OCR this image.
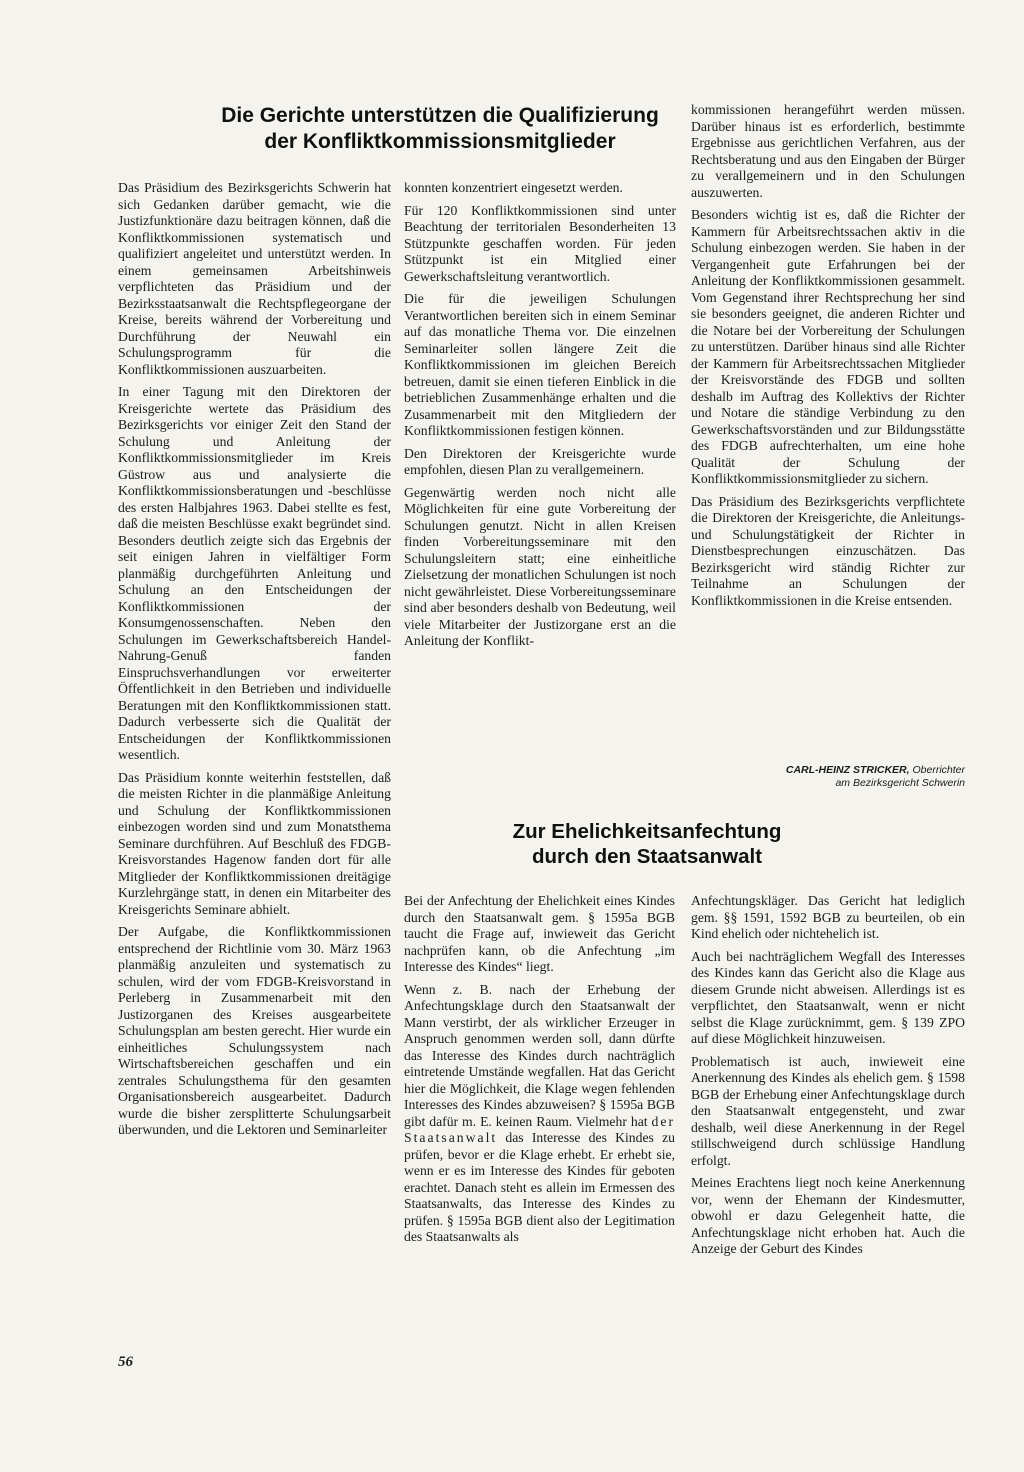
Die Gerichte unterstützen die Qualifizierung
der Konfliktkommissionsmitglieder

Das Präsidium des Bezirksgerichts Schwerin hat sich Gedanken darüber gemacht, wie die Justizfunktionäre dazu beitragen können, daß die Konfliktkommissionen systematisch und qualifiziert angeleitet und unterstützt werden. In einem gemeinsamen Arbeitshinweis verpflichteten das Präsidium und der Bezirksstaatsanwalt die Rechtspflegeorgane der Kreise, bereits während der Vorbereitung und Durchführung der Neuwahl ein Schulungsprogramm für die Konfliktkommissionen auszuarbeiten.

In einer Tagung mit den Direktoren der Kreisgerichte wertete das Präsidium des Bezirksgerichts vor einiger Zeit den Stand der Schulung und Anleitung der Konfliktkommissionsmitglieder im Kreis Güstrow aus und analysierte die Konfliktkommissionsberatungen und -beschlüsse des ersten Halbjahres 1963. Dabei stellte es fest, daß die meisten Beschlüsse exakt begründet sind. Besonders deutlich zeigte sich das Ergebnis der seit einigen Jahren in vielfältiger Form planmäßig durchgeführten Anleitung und Schulung an den Entscheidungen der Konfliktkommissionen der Konsumgenossenschaften. Neben den Schulungen im Gewerkschaftsbereich Handel-Nahrung-Genuß fanden Einspruchsverhandlungen vor erweiterter Öffentlichkeit in den Betrieben und individuelle Beratungen mit den Konfliktkommissionen statt. Dadurch verbesserte sich die Qualität der Entscheidungen der Konfliktkommissionen wesentlich.

Das Präsidium konnte weiterhin feststellen, daß die meisten Richter in die planmäßige Anleitung und Schulung der Konfliktkommissionen einbezogen worden sind und zum Monatsthema Seminare durchführen. Auf Beschluß des FDGB-Kreisvorstandes Hagenow fanden dort für alle Mitglieder der Konfliktkommissionen dreitägige Kurzlehrgänge statt, in denen ein Mitarbeiter des Kreisgerichts Seminare abhielt.

Der Aufgabe, die Konfliktkommissionen entsprechend der Richtlinie vom 30. März 1963 planmäßig anzuleiten und systematisch zu schulen, wird der vom FDGB-Kreisvorstand in Perleberg in Zusammenarbeit mit den Justizorganen des Kreises ausgearbeitete Schulungsplan am besten gerecht. Hier wurde ein einheitliches Schulungssystem nach Wirtschaftsbereichen geschaffen und ein zentrales Schulungsthema für den gesamten Organisationsbereich ausgearbeitet. Dadurch wurde die bisher zersplitterte Schulungsarbeit überwunden, und die Lektoren und Seminarleiter

konnten konzentriert eingesetzt werden.

Für 120 Konfliktkommissionen sind unter Beachtung der territorialen Besonderheiten 13 Stützpunkte geschaffen worden. Für jeden Stützpunkt ist ein Mitglied einer Gewerkschaftsleitung verantwortlich.

Die für die jeweiligen Schulungen Verantwortlichen bereiten sich in einem Seminar auf das monatliche Thema vor. Die einzelnen Seminarleiter sollen längere Zeit die Konfliktkommissionen im gleichen Bereich betreuen, damit sie einen tieferen Einblick in die betrieblichen Zusammenhänge erhalten und die Zusammenarbeit mit den Mitgliedern der Konfliktkommissionen festigen können.

Den Direktoren der Kreisgerichte wurde empfohlen, diesen Plan zu verallgemeinern.

Gegenwärtig werden noch nicht alle Möglichkeiten für eine gute Vorbereitung der Schulungen genutzt. Nicht in allen Kreisen finden Vorbereitungsseminare mit den Schulungsleitern statt; eine einheitliche Zielsetzung der monatlichen Schulungen ist noch nicht gewährleistet. Diese Vorbereitungsseminare sind aber besonders deshalb von Bedeutung, weil viele Mitarbeiter der Justizorgane erst an die Anleitung der Konflikt-

kommissionen herangeführt werden müssen. Darüber hinaus ist es erforderlich, bestimmte Ergebnisse aus gerichtlichen Verfahren, aus der Rechtsberatung und aus den Eingaben der Bürger zu verallgemeinern und in den Schulungen auszuwerten.

Besonders wichtig ist es, daß die Richter der Kammern für Arbeitsrechtssachen aktiv in die Schulung einbezogen werden. Sie haben in der Vergangenheit gute Erfahrungen bei der Anleitung der Konfliktkommissionen gesammelt. Vom Gegenstand ihrer Rechtsprechung her sind sie besonders geeignet, die anderen Richter und die Notare bei der Vorbereitung der Schulungen zu unterstützen. Darüber hinaus sind alle Richter der Kammern für Arbeitsrechtssachen Mitglieder der Kreisvorstände des FDGB und sollten deshalb im Auftrag des Kollektivs der Richter und Notare die ständige Verbindung zu den Gewerkschaftsvorständen und zur Bildungsstätte des FDGB aufrechterhalten, um eine hohe Qualität der Schulung der Konfliktkommissionsmitglieder zu sichern.

Das Präsidium des Bezirksgerichts verpflichtete die Direktoren der Kreisgerichte, die Anleitungs- und Schulungstätigkeit der Richter in Dienstbesprechungen einzuschätzen. Das Bezirksgericht wird ständig Richter zur Teilnahme an Schulungen der Konfliktkommissionen in die Kreise entsenden.

CARL-HEINZ STRICKER, Oberrichter
am Bezirksgericht Schwerin
Zur Ehelichkeitsanfechtung
durch den Staatsanwalt

Bei der Anfechtung der Ehelichkeit eines Kindes durch den Staatsanwalt gem. § 1595a BGB taucht die Frage auf, inwieweit das Gericht nachprüfen kann, ob die Anfechtung „im Interesse des Kindes“ liegt.

Wenn z. B. nach der Erhebung der Anfechtungsklage durch den Staatsanwalt der Mann verstirbt, der als wirklicher Erzeuger in Anspruch genommen werden soll, dann dürfte das Interesse des Kindes durch nachträglich eintretende Umstände wegfallen. Hat das Gericht hier die Möglichkeit, die Klage wegen fehlenden Interesses des Kindes abzuweisen? § 1595a BGB gibt dafür m. E. keinen Raum. Vielmehr hat der Staatsanwalt das Interesse des Kindes zu prüfen, bevor er die Klage erhebt. Er erhebt sie, wenn er es im Interesse des Kindes für geboten erachtet. Danach steht es allein im Ermessen des Staatsanwalts, das Interesse des Kindes zu prüfen. § 1595a BGB dient also der Legitimation des Staatsanwalts als

Anfechtungskläger. Das Gericht hat lediglich gem. §§ 1591, 1592 BGB zu beurteilen, ob ein Kind ehelich oder nichtehelich ist.

Auch bei nachträglichem Wegfall des Interesses des Kindes kann das Gericht also die Klage aus diesem Grunde nicht abweisen. Allerdings ist es verpflichtet, den Staatsanwalt, wenn er nicht selbst die Klage zurücknimmt, gem. § 139 ZPO auf diese Möglichkeit hinzuweisen.

Problematisch ist auch, inwieweit eine Anerkennung des Kindes als ehelich gem. § 1598 BGB der Erhebung einer Anfechtungsklage durch den Staatsanwalt entgegensteht, und zwar deshalb, weil diese Anerkennung in der Regel stillschweigend durch schlüssige Handlung erfolgt.

Meines Erachtens liegt noch keine Anerkennung vor, wenn der Ehemann der Kindesmutter, obwohl er dazu Gelegenheit hatte, die Anfechtungsklage nicht erhoben hat. Auch die Anzeige der Geburt des Kindes

56
